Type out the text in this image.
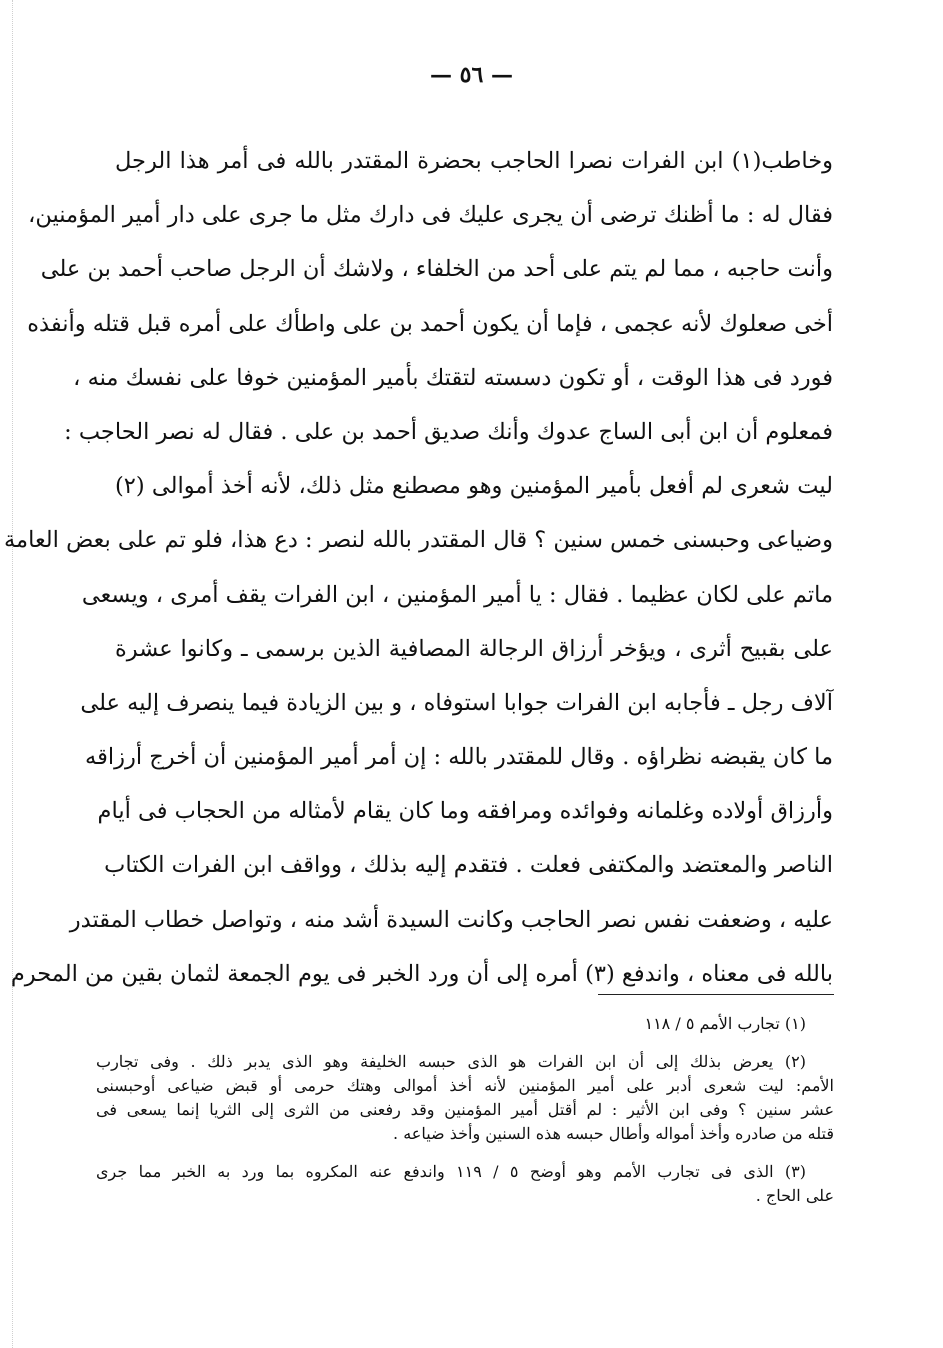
— ٥٦ —
وخاطب(١) ابن الفرات نصرا الحاجب بحضرة المقتدر بالله فى أمر هذا الرجل
فقال له : ما أظنك ترضى أن يجرى عليك فى دارك مثل ما جرى على دار أمير المؤمنين،
وأنت حاجبه ، مما لم يتم على أحد من الخلفاء ، ولاشك أن الرجل صاحب أحمد بن على
أخى صعلوك لأنه عجمى ، فإما أن يكون أحمد بن على واطأك على أمره قبل قتله وأنفذه
فورد فى هذا الوقت ، أو تكون دسسته لتقتك بأمير المؤمنين خوفا على نفسك منه ،
فمعلوم أن ابن أبى الساج عدوك وأنك صديق أحمد بن على . فقال له نصر الحاجب :
ليت شعرى لم أفعل بأمير المؤمنين وهو مصطنع مثل ذلك، لأنه أخذ أموالى (٢)
وضياعى وحبسنى خمس سنين ؟ قال المقتدر بالله لنصر : دع هذا، فلو تم على بعض العامة
ماتم على لكان عظيما . فقال : يا أمير المؤمنين ، ابن الفرات يقف أمرى ، ويسعى
على بقبيح أثرى ، ويؤخر أرزاق الرجالة المصافية الذين برسمى ـ وكانوا عشرة
آلاف رجل ـ فأجابه ابن الفرات جوابا استوفاه ، و بين الزيادة فيما ينصرف إليه على
ما كان يقبضه نظراؤه . وقال للمقتدر بالله : إن أمر أمير المؤمنين أن أخرج أرزاقه
وأرزاق أولاده وغلمانه وفوائده ومرافقه وما كان يقام لأمثاله من الحجاب فى أيام
الناصر والمعتضد والمكتفى فعلت . فتقدم إليه بذلك ، وواقف ابن الفرات الكتاب
عليه ، وضعفت نفس نصر الحاجب وكانت السيدة أشد منه ، وتواصل خطاب المقتدر
بالله فى معناه ، واندفع (٣) أمره إلى أن ورد الخبر فى يوم الجمعة لثمان بقين من المحرم
(١) تجارب الأمم ٥ / ١١٨
(٢) يعرض بذلك إلى أن ابن الفرات هو الذى حبسه الخليفة وهو الذى يدبر ذلك . وفى تجارب
الأمم: ليت شعرى أدبر على أمير المؤمنين لأنه أخذ أموالى وهتك حرمى أو قبض ضياعى أوحبسنى
عشر سنين ؟ وفى ابن الأثير : لم أقتل أمير المؤمنين وقد رفعنى من الثرى إلى الثريا إنما يسعى فى
قتله من صادره وأخذ أمواله وأطال حبسه هذه السنين وأخذ ضياعه .
(٣) الذى فى تجارب الأمم وهو أوضح ٥ / ١١٩ واندفع عنه المكروه بما ورد به الخبر مما جرى
على الحاج .
